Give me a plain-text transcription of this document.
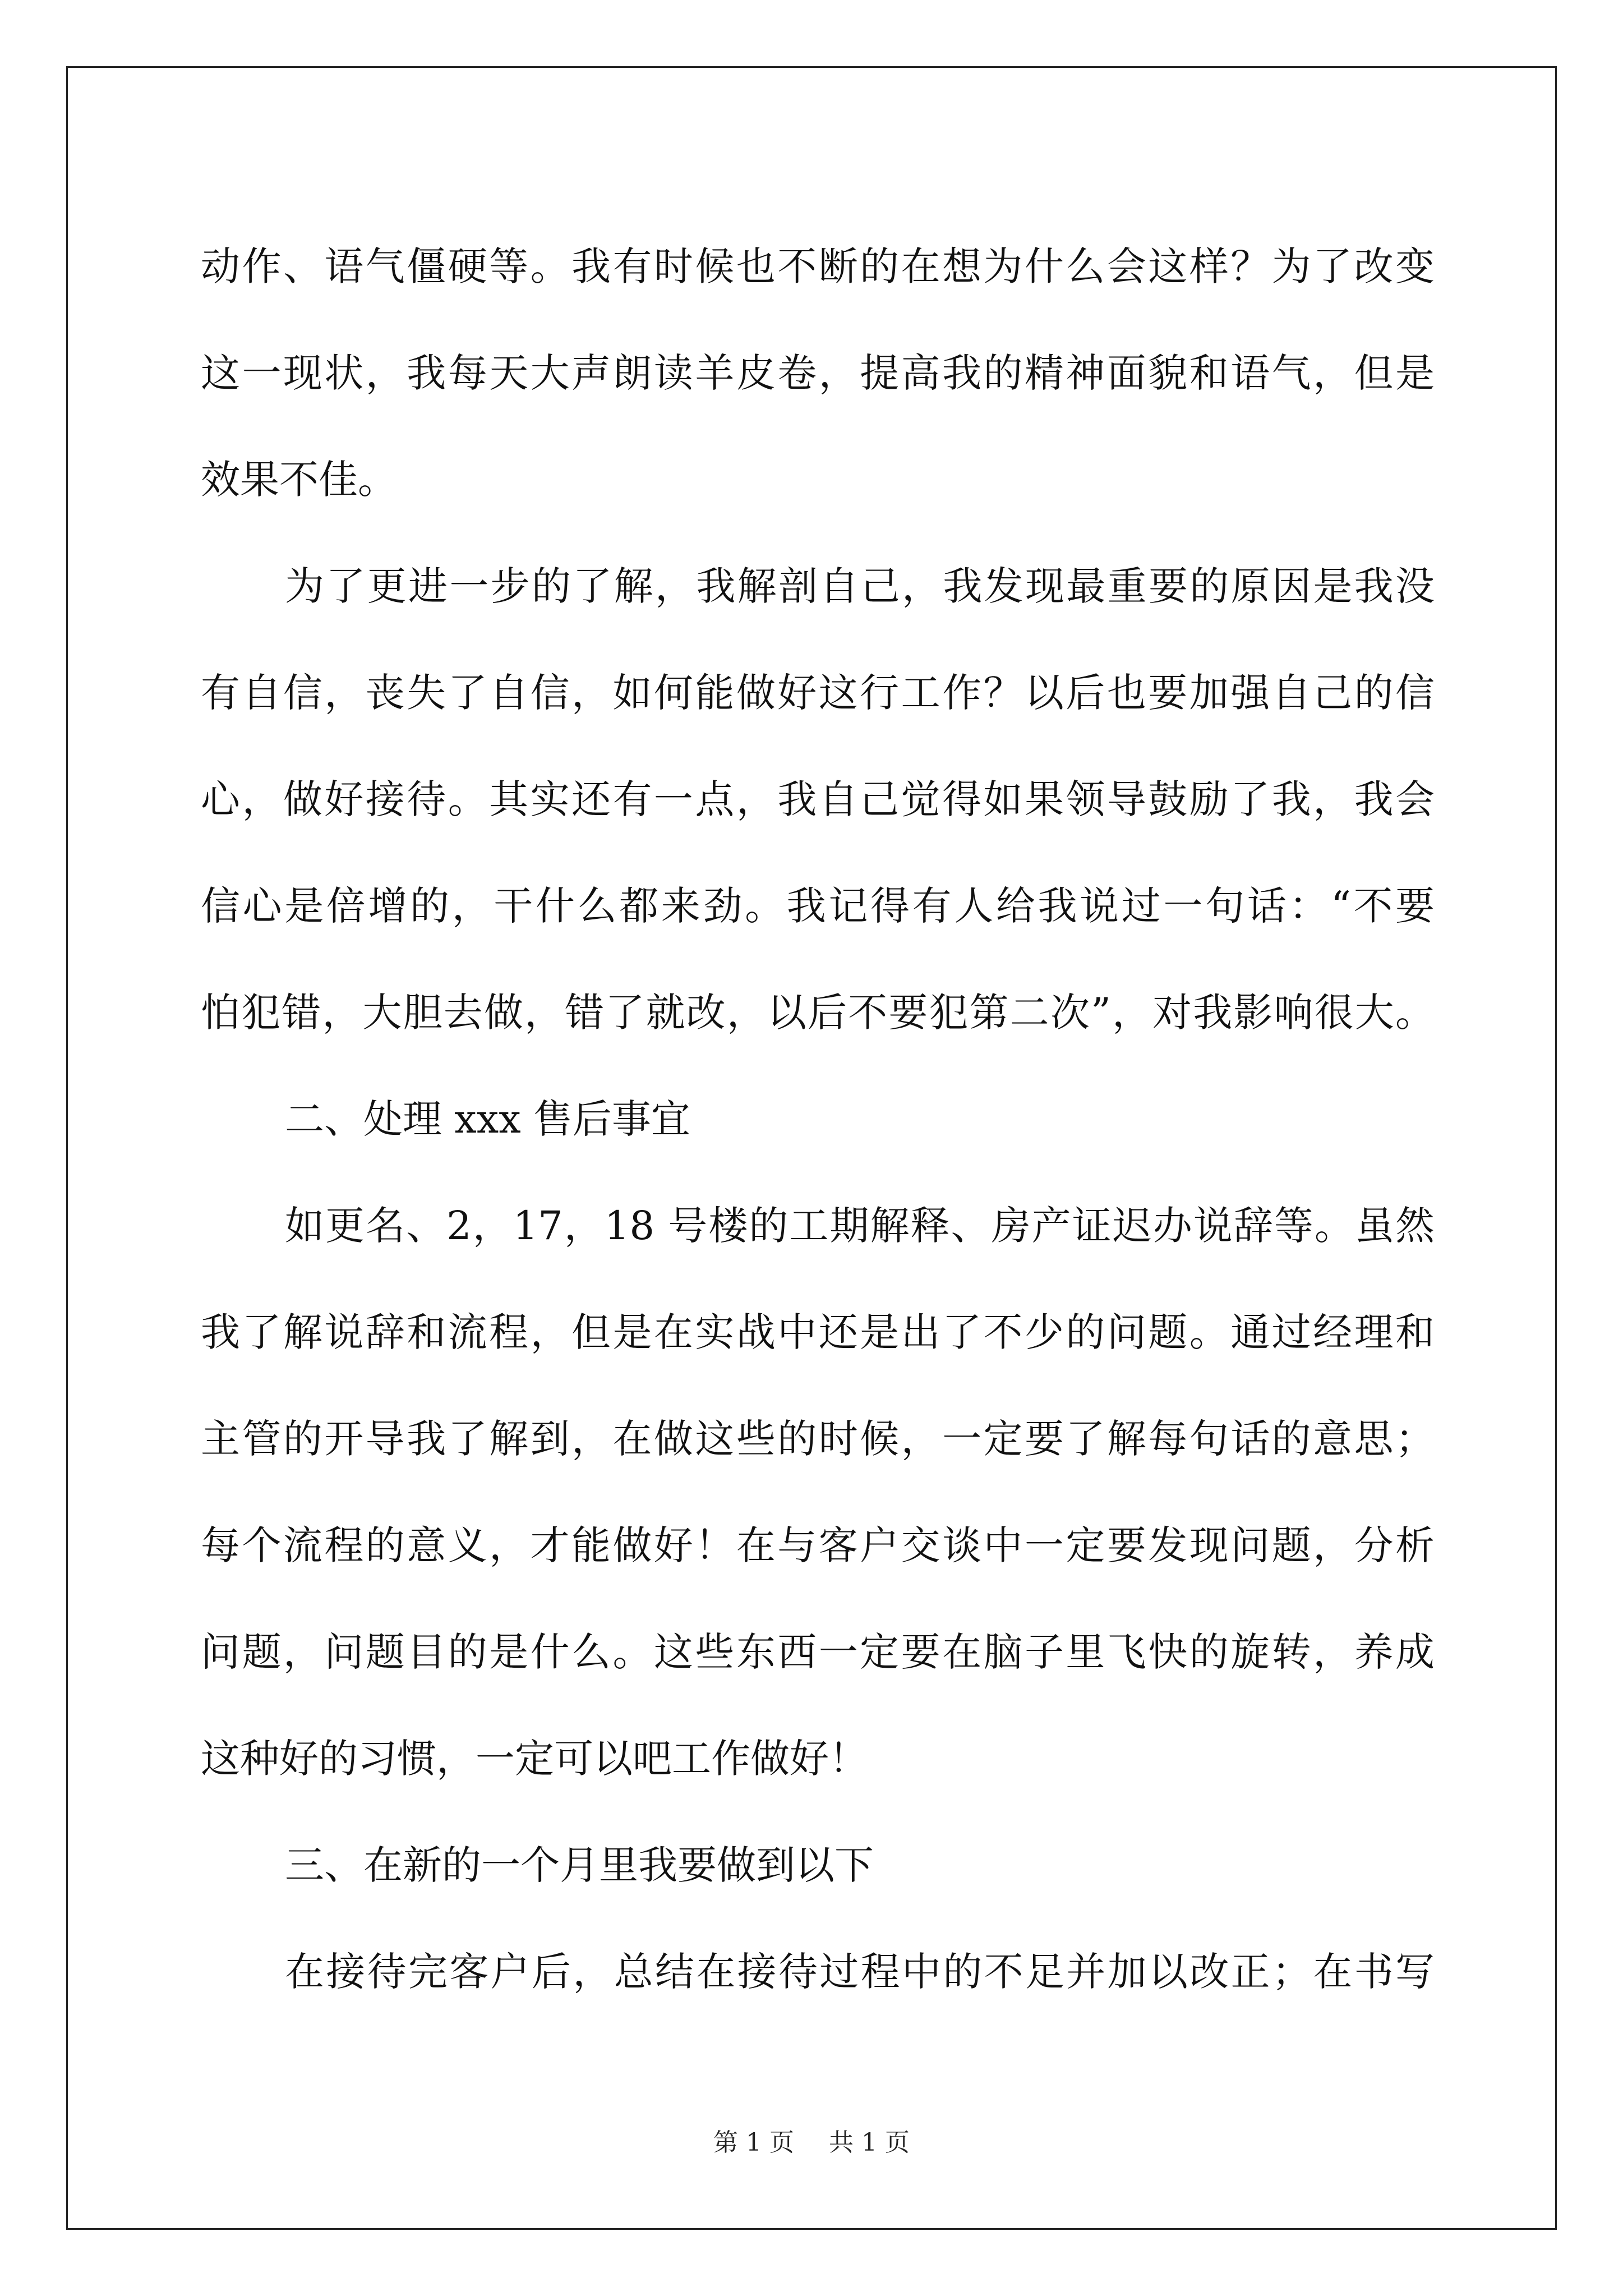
动作、语气僵硬等。我有时候也不断的在想为什么会这样？为了改变
这一现状，我每天大声朗读羊皮卷，提高我的精神面貌和语气，但是
效果不佳。
为了更进一步的了解，我解剖自己，我发现最重要的原因是我没
有自信，丧失了自信，如何能做好这行工作？以后也要加强自己的信
心，做好接待。其实还有一点，我自己觉得如果领导鼓励了我，我会
信心是倍增的，干什么都来劲。我记得有人给我说过一句话：“不要
怕犯错，大胆去做，错了就改，以后不要犯第二次”，对我影响很大。
二、处理 xxx 售后事宜
如更名、2，17，18 号楼的工期解释、房产证迟办说辞等。虽然
我了解说辞和流程，但是在实战中还是出了不少的问题。通过经理和
主管的开导我了解到，在做这些的时候，一定要了解每句话的意思；
每个流程的意义，才能做好！在与客户交谈中一定要发现问题，分析
问题，问题目的是什么。这些东西一定要在脑子里飞快的旋转，养成
这种好的习惯，一定可以吧工作做好！
三、在新的一个月里我要做到以下
在接待完客户后，总结在接待过程中的不足并加以改正；在书写
第 1 页 共 1 页
